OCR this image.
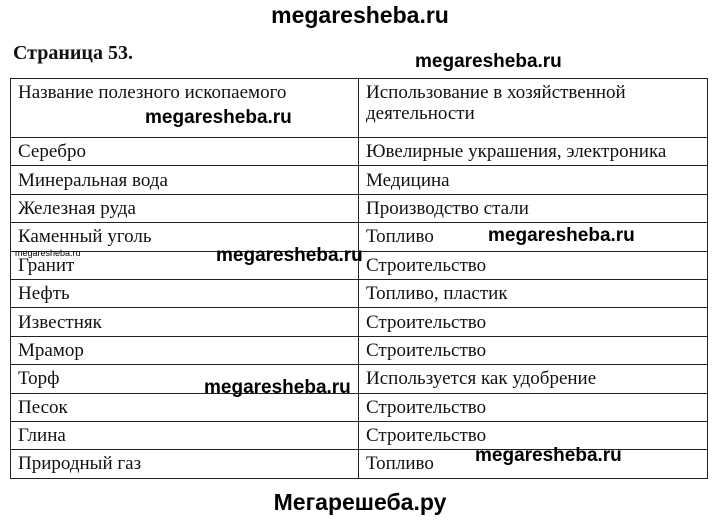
megaresheba.ru
Страница 53.
Название полезного ископаемого	Использование в хозяйственной деятельности
Серебро	Ювелирные украшения, электроника
Минеральная вода	Медицина
Железная руда	Производство стали
Каменный уголь	Топливо
Гранит	Строительство
Нефть	Топливо, пластик
Известняк	Строительство
Мрамор	Строительство
Торф	Используется как удобрение
Песок	Строительство
Глина	Строительство
Природный газ	Топливо
megaresheba.ru
megaresheba.ru
megaresheba.ru
megaresheba.ru
megaresheba.ru
megaresheba.ru
megaresheba.ru
Мегарешеба.ру
